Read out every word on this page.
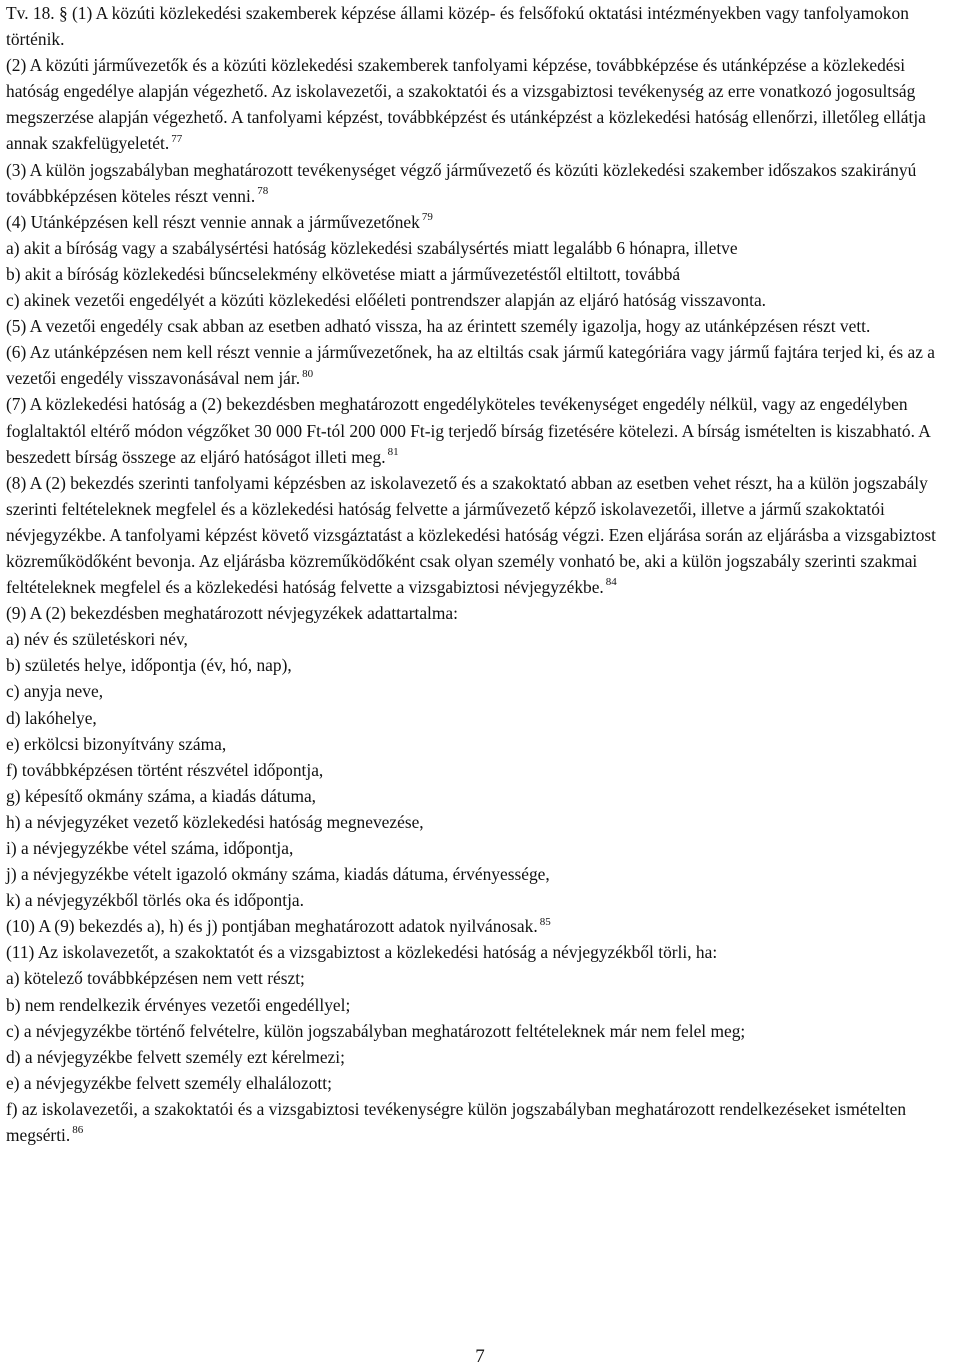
Tv. 18. § (1) A közúti közlekedési szakemberek képzése állami közép- és felsőfokú oktatási intézményekben vagy tanfolyamokon történik.

(2) A közúti járművezetők és a közúti közlekedési szakemberek tanfolyami képzése, továbbképzése és utánképzése a közlekedési hatóság engedélye alapján végezhető. Az iskolavezetői, a szakoktatói és a vizsgabiztosi tevékenység az erre vonatkozó jogosultság megszerzése alapján végezhető. A tanfolyami képzést, továbbképzést és utánképzést a közlekedési hatóság ellenőrzi, illetőleg ellátja annak szakfelügyeletét. $^{77}$

(3) A külön jogszabályban meghatározott tevékenységet végző járművezető és közúti közlekedési szakember időszakos szakirányú továbbképzésen köteles részt venni. $^{78}$

(4) Utánképzésen kell részt vennie annak a járművezetőnek $^{79}$

a) akit a bíróság vagy a szabálysértési hatóság közlekedési szabálysértés miatt legalább 6 hónapra, illetve

b) akit a bíróság közlekedési bűncselekmény elkövetése miatt a járművezetéstől eltiltott, továbbá

c) akinek vezetői engedélyét a közúti közlekedési előéleti pontrendszer alapján az eljáró hatóság visszavonta.

(5) A vezetői engedély csak abban az esetben adható vissza, ha az érintett személy igazolja, hogy az utánképzésen részt vett.

(6) Az utánképzésen nem kell részt vennie a járművezetőnek, ha az eltiltás csak jármű kategóriára vagy jármű fajtára terjed ki, és az a vezetői engedély visszavonásával nem jár. $^{80}$

(7) A közlekedési hatóság a (2) bekezdésben meghatározott engedélyköteles tevékenységet engedély nélkül, vagy az engedélyben foglaltaktól eltérő módon végzőket 30 000 Ft-tól 200 000 Ft-ig terjedő bírság fizetésére kötelezi. A bírság ismételten is kiszabható. A beszedett bírság összege az eljáró hatóságot illeti meg. $^{81}$

(8) A (2) bekezdés szerinti tanfolyami képzésben az iskolavezető és a szakoktató abban az esetben vehet részt, ha a külön jogszabály szerinti feltételeknek megfelel és a közlekedési hatóság felvette a járművezető képző iskolavezetői, illetve a jármű szakoktatói névjegyzékbe. A tanfolyami képzést követő vizsgáztatást a közlekedési hatóság végzi. Ezen eljárása során az eljárásba a vizsgabiztost közreműködőként bevonja. Az eljárásba közreműködőként csak olyan személy vonható be, aki a külön jogszabály szerinti szakmai feltételeknek megfelel és a közlekedési hatóság felvette a vizsgabiztosi névjegyzékbe. $^{84}$

(9) A (2) bekezdésben meghatározott névjegyzékek adattartalma:

a) név és születéskori név,

b) születés helye, időpontja (év, hó, nap),

c) anyja neve,

d) lakóhelye,

e) erkölcsi bizonyítvány száma,

f) továbbképzésen történt részvétel időpontja,

g) képesítő okmány száma, a kiadás dátuma,

h) a névjegyzéket vezető közlekedési hatóság megnevezése,

i) a névjegyzékbe vétel száma, időpontja,

j) a névjegyzékbe vételt igazoló okmány száma, kiadás dátuma, érvényessége,

k) a névjegyzékből törlés oka és időpontja.

(10) A (9) bekezdés a), h) és j) pontjában meghatározott adatok nyilvánosak. $^{85}$

(11) Az iskolavezetőt, a szakoktatót és a vizsgabiztost a közlekedési hatóság a névjegyzékből törli, ha:

a) kötelező továbbképzésen nem vett részt;

b) nem rendelkezik érvényes vezetői engedéllyel;

c) a névjegyzékbe történő felvételre, külön jogszabályban meghatározott feltételeknek már nem felel meg;

d) a névjegyzékbe felvett személy ezt kérelmezi;

e) a névjegyzékbe felvett személy elhalálozott;

f) az iskolavezetői, a szakoktatói és a vizsgabiztosi tevékenységre külön jogszabályban meghatározott rendelkezéseket ismételten megsérti. $^{86}$

7
